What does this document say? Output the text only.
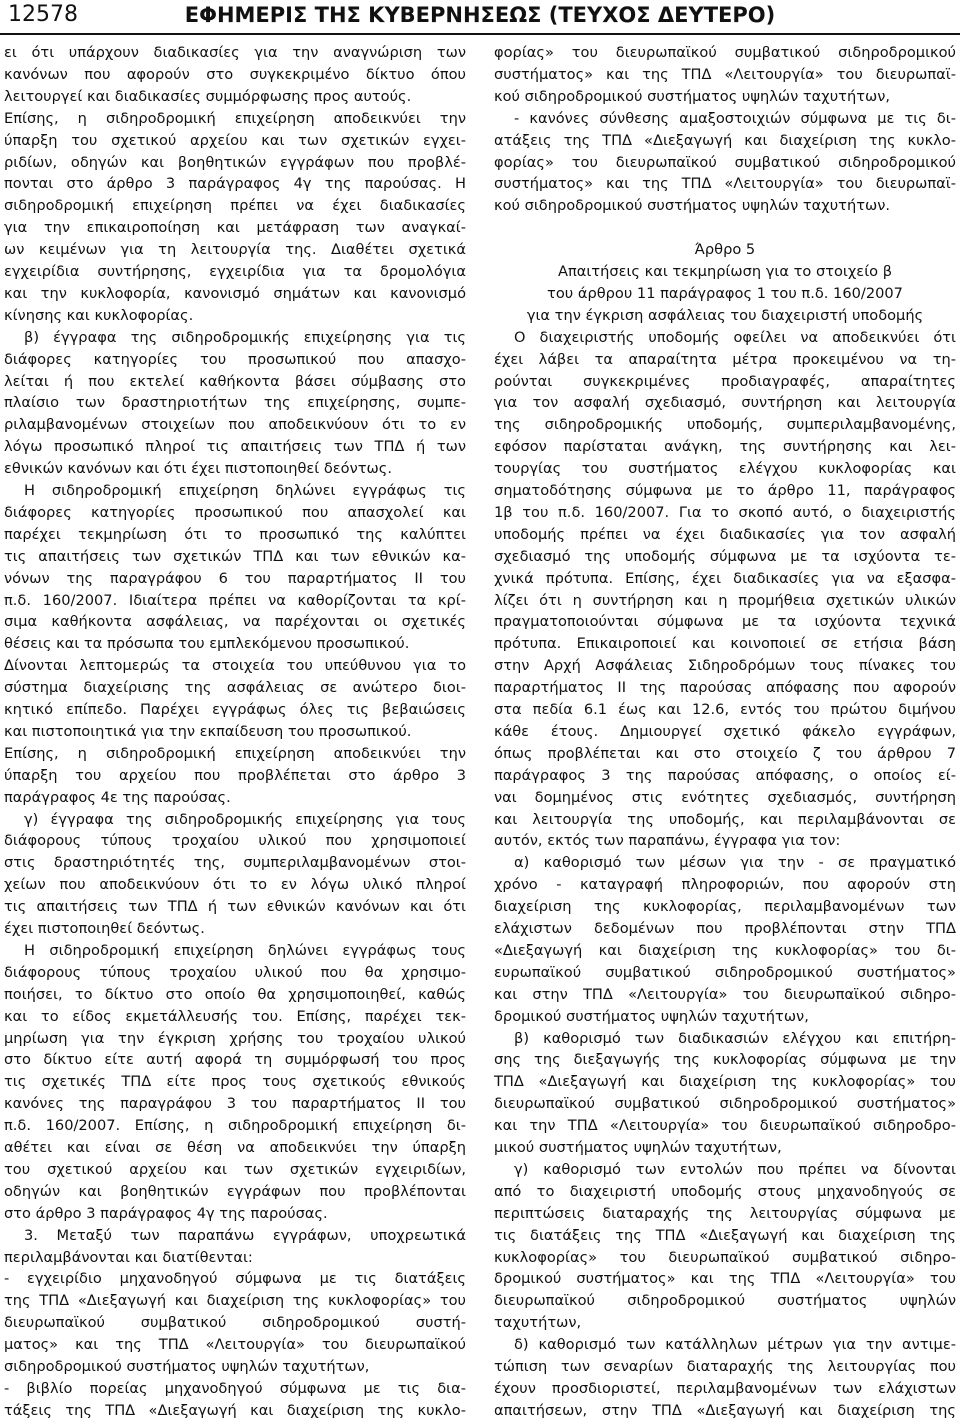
12578	ΕΦΗΜΕΡΙΣ ΤΗΣ ΚΥΒΕΡΝΗΣΕΩΣ (ΤΕΥΧΟΣ ΔΕΥΤΕΡΟ)
ει ότι υπάρχουν διαδικασίες για την αναγνώριση των
κανόνων που αφορούν στο συγκεκριμένο δίκτυο όπου
λειτουργεί και διαδικασίες συμμόρφωσης προς αυτούς.
Επίσης, η σιδηροδρομική επιχείρηση αποδεικνύει την
ύπαρξη του σχετικού αρχείου και των σχετικών εγχει-
ριδίων, οδηγών και βοηθητικών εγγράφων που προβλέ-
πονται στο άρθρο 3 παράγραφος 4γ της παρούσας. Η
σιδηροδρομική επιχείρηση πρέπει να έχει διαδικασίες
για την επικαιροποίηση και μετάφραση των αναγκαί-
ων κειμένων για τη λειτουργία της. Διαθέτει σχετικά
εγχειρίδια συντήρησης, εγχειρίδια για τα δρομολόγια
και την κυκλοφορία, κανονισμό σημάτων και κανονισμό
κίνησης και κυκλοφορίας.
β) έγγραφα της σιδηροδρομικής επιχείρησης για τις
διάφορες κατηγορίες του προσωπικού που απασχο-
λείται ή που εκτελεί καθήκοντα βάσει σύμβασης στο
πλαίσιο των δραστηριοτήτων της επιχείρησης, συμπε-
ριλαμβανομένων στοιχείων που αποδεικνύουν ότι το εν
λόγω προσωπικό πληροί τις απαιτήσεις των ΤΠΔ ή των
εθνικών κανόνων και ότι έχει πιστοποιηθεί δεόντως.
Η σιδηροδρομική επιχείρηση δηλώνει εγγράφως τις
διάφορες κατηγορίες προσωπικού που απασχολεί και
παρέχει τεκμηρίωση ότι το προσωπικό της καλύπτει
τις απαιτήσεις των σχετικών ΤΠΔ και των εθνικών κα-
νόνων της παραγράφου 6 του παραρτήματος ΙΙ του
π.δ. 160/2007. Ιδιαίτερα πρέπει να καθορίζονται τα κρί-
σιμα καθήκοντα ασφάλειας, να παρέχονται οι σχετικές
θέσεις και τα πρόσωπα του εμπλεκόμενου προσωπικού.
Δίνονται λεπτομερώς τα στοιχεία του υπεύθυνου για το
σύστημα διαχείρισης της ασφάλειας σε ανώτερο διοι-
κητικό επίπεδο. Παρέχει εγγράφως όλες τις βεβαιώσεις
και πιστοποιητικά για την εκπαίδευση του προσωπικού.
Επίσης, η σιδηροδρομική επιχείρηση αποδεικνύει την
ύπαρξη του αρχείου που προβλέπεται στο άρθρο 3
παράγραφος 4ε της παρούσας.
γ) έγγραφα της σιδηροδρομικής επιχείρησης για τους
διάφορους τύπους τροχαίου υλικού που χρησιμοποιεί
στις δραστηριότητές της, συμπεριλαμβανομένων στοι-
χείων που αποδεικνύουν ότι το εν λόγω υλικό πληροί
τις απαιτήσεις των ΤΠΔ ή των εθνικών κανόνων και ότι
έχει πιστοποιηθεί δεόντως.
Η σιδηροδρομική επιχείρηση δηλώνει εγγράφως τους
διάφορους τύπους τροχαίου υλικού που θα χρησιμο-
ποιήσει, το δίκτυο στο οποίο θα χρησιμοποιηθεί, καθώς
και το είδος εκμετάλλευσής του. Επίσης, παρέχει τεκ-
μηρίωση για την έγκριση χρήσης του τροχαίου υλικού
στο δίκτυο είτε αυτή αφορά τη συμμόρφωσή του προς
τις σχετικές ΤΠΔ είτε προς τους σχετικούς εθνικούς
κανόνες της παραγράφου 3 του παραρτήματος ΙΙ του
π.δ. 160/2007. Επίσης, η σιδηροδρομική επιχείρηση δι-
αθέτει και είναι σε θέση να αποδεικνύει την ύπαρξη
του σχετικού αρχείου και των σχετικών εγχειριδίων,
οδηγών και βοηθητικών εγγράφων που προβλέπονται
στο άρθρο 3 παράγραφος 4γ της παρούσας.
3. Μεταξύ των παραπάνω εγγράφων, υποχρεωτικά
περιλαμβάνονται και διατίθενται:
- εγχειρίδιο μηχανοδηγού σύμφωνα με τις διατάξεις
της ΤΠΔ «Διεξαγωγή και διαχείριση της κυκλοφορίας» του
διευρωπαϊκού συμβατικού σιδηροδρομικού συστή-
ματος» και της ΤΠΔ «Λειτουργία» του διευρωπαϊκού
σιδηροδρομικού συστήματος υψηλών ταχυτήτων,
- βιβλίο πορείας μηχανοδηγού σύμφωνα με τις δια-
τάξεις της ΤΠΔ «Διεξαγωγή και διαχείριση της κυκλο-
φορίας» του διευρωπαϊκού συμβατικού σιδηροδρομικού
συστήματος» και της ΤΠΔ «Λειτουργία» του διευρωπαϊ-
κού σιδηροδρομικού συστήματος υψηλών ταχυτήτων,
- κανόνες σύνθεσης αμαξοστοιχιών σύμφωνα με τις δι-
ατάξεις της ΤΠΔ «Διεξαγωγή και διαχείριση της κυκλο-
φορίας» του διευρωπαϊκού συμβατικού σιδηροδρομικού
συστήματος» και της ΤΠΔ «Λειτουργία» του διευρωπαϊ-
κού σιδηροδρομικού συστήματος υψηλών ταχυτήτων.
Άρθρο 5
Απαιτήσεις και τεκμηρίωση για το στοιχείο β
του άρθρου 11 παράγραφος 1 του π.δ. 160/2007
για την έγκριση ασφάλειας του διαχειριστή υποδομής
Ο διαχειριστής υποδομής οφείλει να αποδεικνύει ότι
έχει λάβει τα απαραίτητα μέτρα προκειμένου να τη-
ρούνται συγκεκριμένες προδιαγραφές, απαραίτητες
για τον ασφαλή σχεδιασμό, συντήρηση και λειτουργία
της σιδηροδρομικής υποδομής, συμπεριλαμβανομένης,
εφόσον παρίσταται ανάγκη, της συντήρησης και λει-
τουργίας του συστήματος ελέγχου κυκλοφορίας και
σηματοδότησης σύμφωνα με το άρθρο 11, παράγραφος
1β του π.δ. 160/2007. Για το σκοπό αυτό, ο διαχειριστής
υποδομής πρέπει να έχει διαδικασίες για τον ασφαλή
σχεδιασμό της υποδομής σύμφωνα με τα ισχύοντα τε-
χνικά πρότυπα. Επίσης, έχει διαδικασίες για να εξασφα-
λίζει ότι η συντήρηση και η προμήθεια σχετικών υλικών
πραγματοποιούνται σύμφωνα με τα ισχύοντα τεχνικά
πρότυπα. Επικαιροποιεί και κοινοποιεί σε ετήσια βάση
στην Αρχή Ασφάλειας Σιδηροδρόμων τους πίνακες του
παραρτήματος ΙΙ της παρούσας απόφασης που αφορούν
στα πεδία 6.1 έως και 12.6, εντός του πρώτου διμήνου
κάθε έτους. Δημιουργεί σχετικό φάκελο εγγράφων,
όπως προβλέπεται και στο στοιχείο ζ του άρθρου 7
παράγραφος 3 της παρούσας απόφασης, ο οποίος εί-
ναι δομημένος στις ενότητες σχεδιασμός, συντήρηση
και λειτουργία της υποδομής, και περιλαμβάνονται σε
αυτόν, εκτός των παραπάνω, έγγραφα για τον:
α) καθορισμό των μέσων για την - σε πραγματικό
χρόνο - καταγραφή πληροφοριών, που αφορούν στη
διαχείριση της κυκλοφορίας, περιλαμβανομένων των
ελάχιστων δεδομένων που προβλέπονται στην ΤΠΔ
«Διεξαγωγή και διαχείριση της κυκλοφορίας» του δι-
ευρωπαϊκού συμβατικού σιδηροδρομικού συστήματος»
και στην ΤΠΔ «Λειτουργία» του διευρωπαϊκού σιδηρο-
δρομικού συστήματος υψηλών ταχυτήτων,
β) καθορισμό των διαδικασιών ελέγχου και επιτήρη-
σης της διεξαγωγής της κυκλοφορίας σύμφωνα με την
ΤΠΔ «Διεξαγωγή και διαχείριση της κυκλοφορίας» του
διευρωπαϊκού συμβατικού σιδηροδρομικού συστήματος»
και την ΤΠΔ «Λειτουργία» του διευρωπαϊκού σιδηροδρο-
μικού συστήματος υψηλών ταχυτήτων,
γ) καθορισμό των εντολών που πρέπει να δίνονται
από το διαχειριστή υποδομής στους μηχανοδηγούς σε
περιπτώσεις διαταραχής της λειτουργίας σύμφωνα με
τις διατάξεις της ΤΠΔ «Διεξαγωγή και διαχείριση της
κυκλοφορίας» του διευρωπαϊκού συμβατικού σιδηρο-
δρομικού συστήματος» και της ΤΠΔ «Λειτουργία» του
διευρωπαϊκού σιδηροδρομικού συστήματος υψηλών
ταχυτήτων,
δ) καθορισμό των κατάλληλων μέτρων για την αντιμε-
τώπιση των σεναρίων διαταραχής της λειτουργίας που
έχουν προσδιοριστεί, περιλαμβανομένων των ελάχιστων
απαιτήσεων, στην ΤΠΔ «Διεξαγωγή και διαχείριση της
